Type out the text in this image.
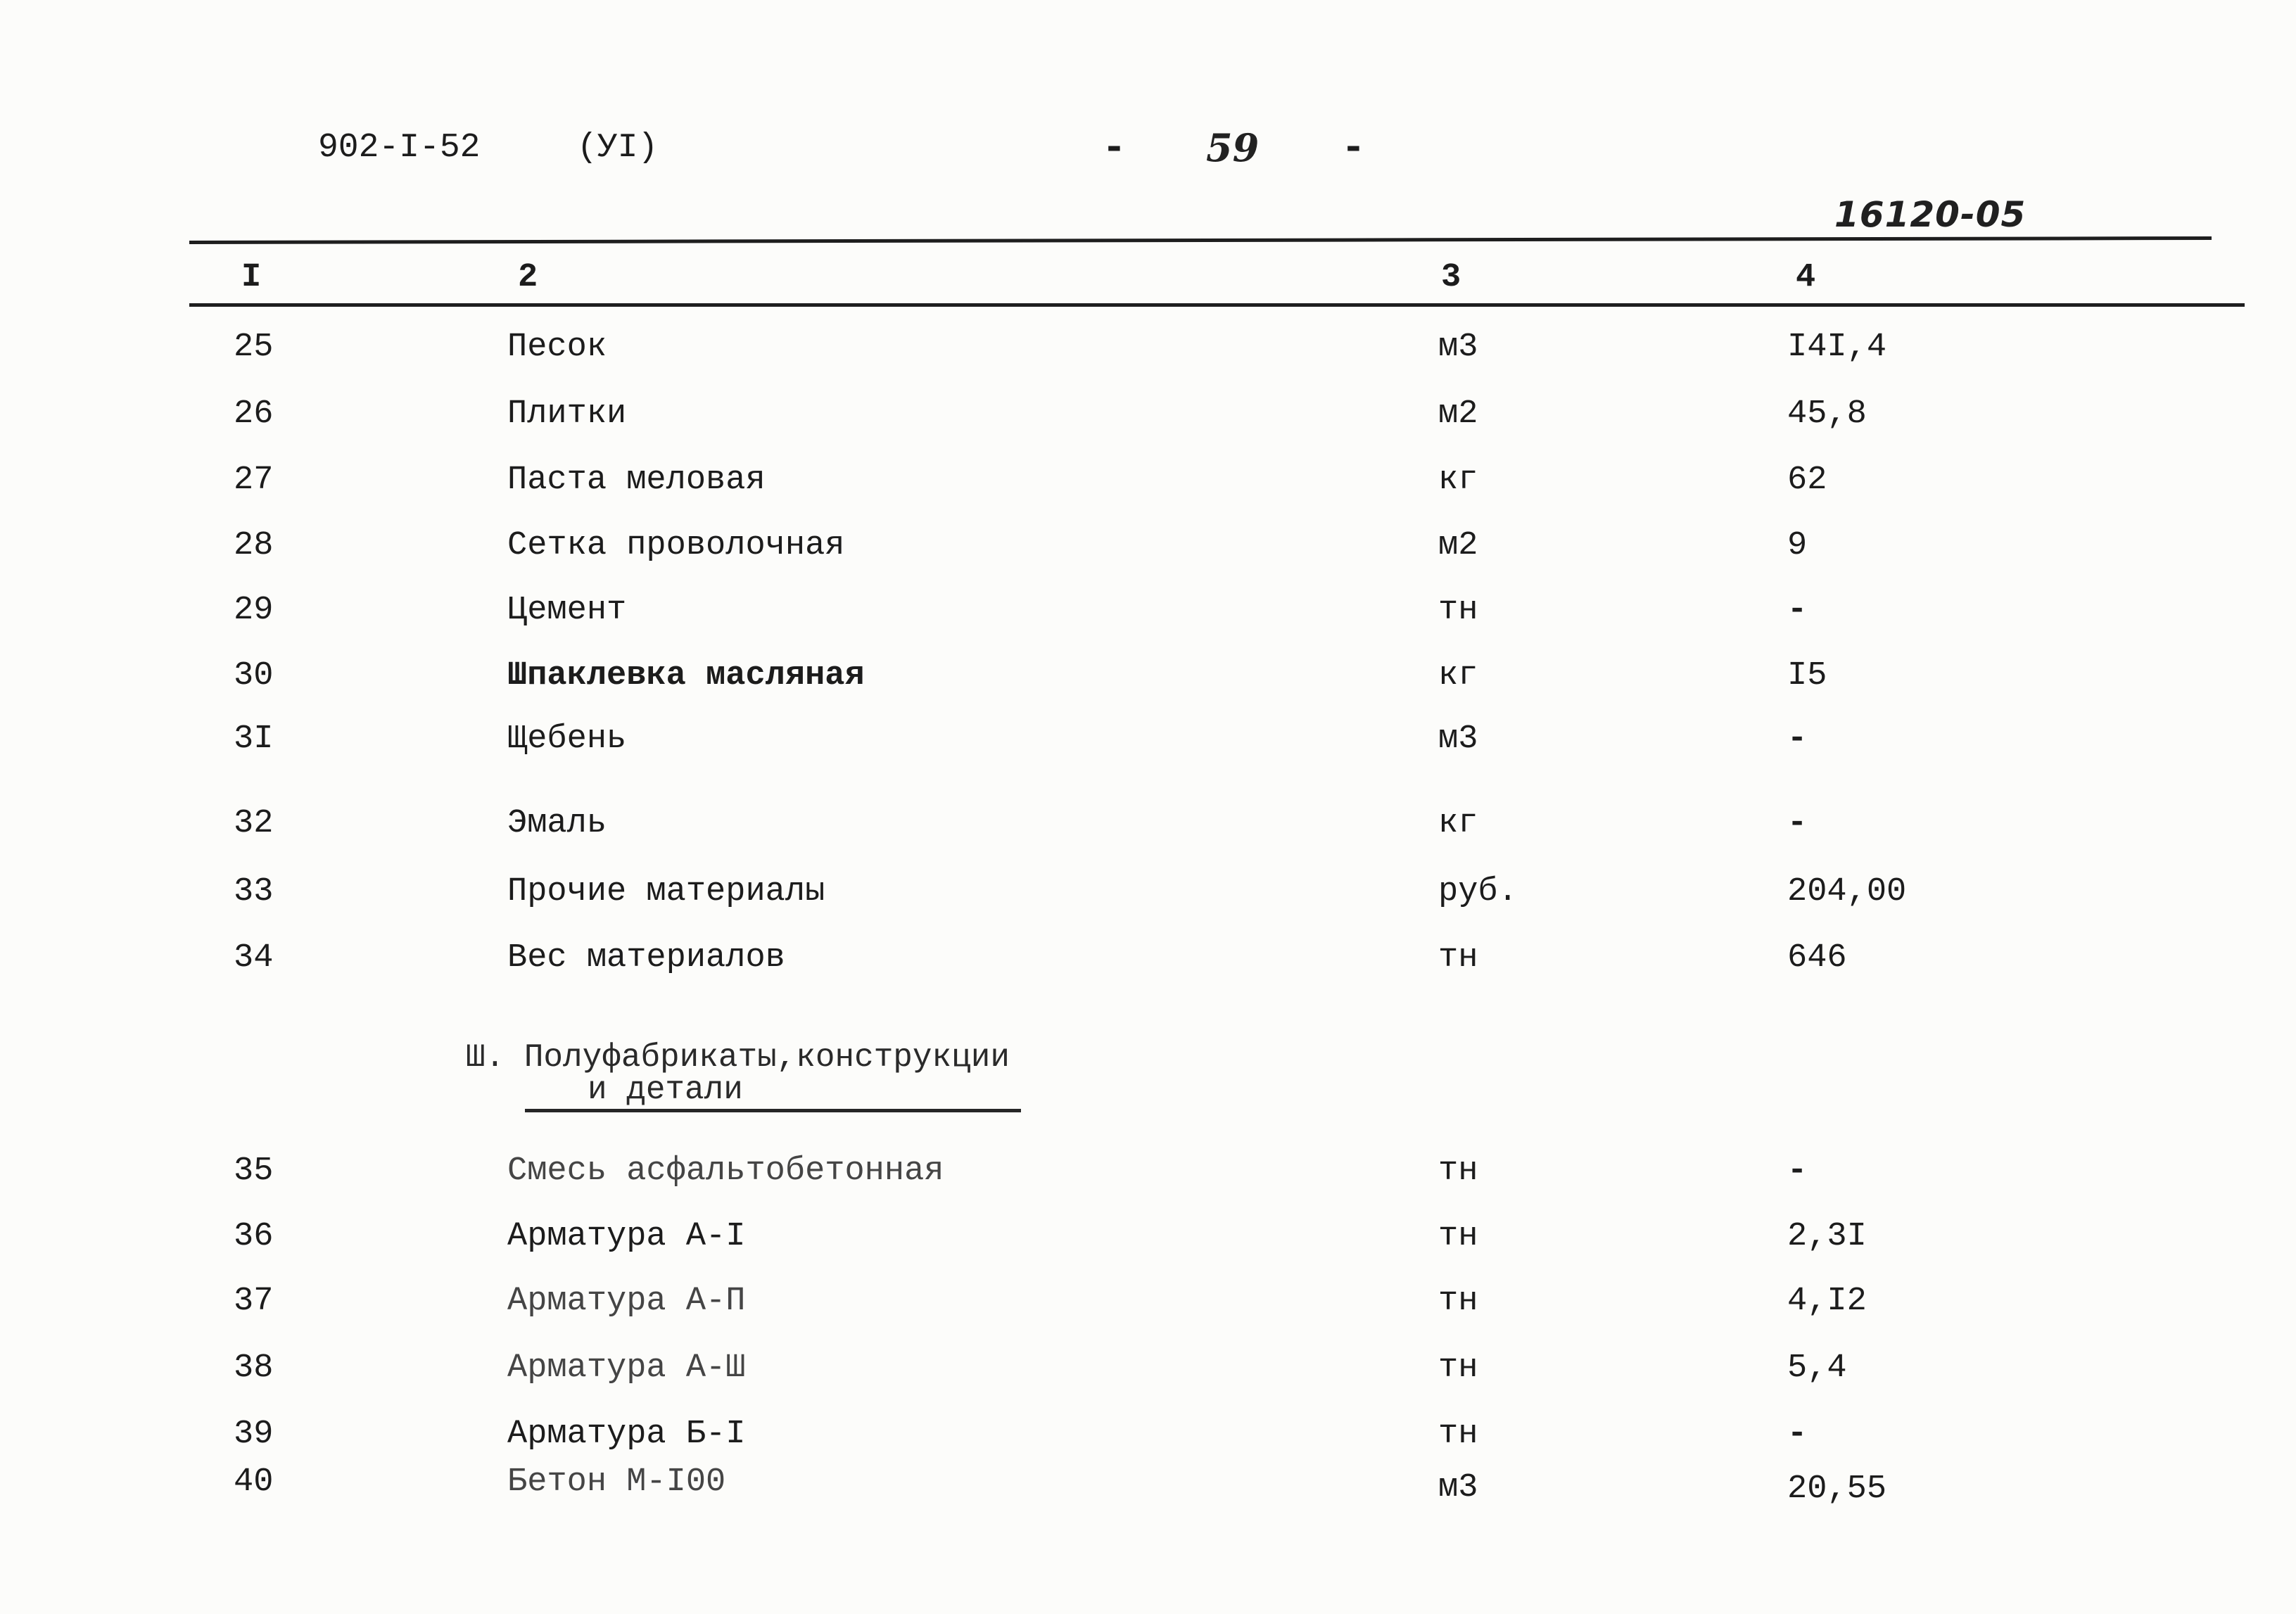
902-I-52	(УI)	- 59 -
16120-05
I	2	3	4
25	Песок	м3	I4I,4
26	Плитки	м2	45,8
27	Паста меловая	кг	62
28	Сетка проволочная	м2	9
29	Цемент	тн	-
30	Шпаклевка масляная	кг	I5
3I	Щебень	м3	-
32	Эмаль	кг	-
33	Прочие материалы	руб.	204,00
34	Вес материалов	тн	646
Ш. Полуфабрикаты,конструкции
и детали
35	Смесь асфальтобетонная	тн	-
36	Арматура А-I	тн	2,3I
37	Арматура А-П	тн	4,I2
38	Арматура А-Ш	тн	5,4
39	Арматура Б-I	тн	-
40	Бетон М-I00	м3	20,55
